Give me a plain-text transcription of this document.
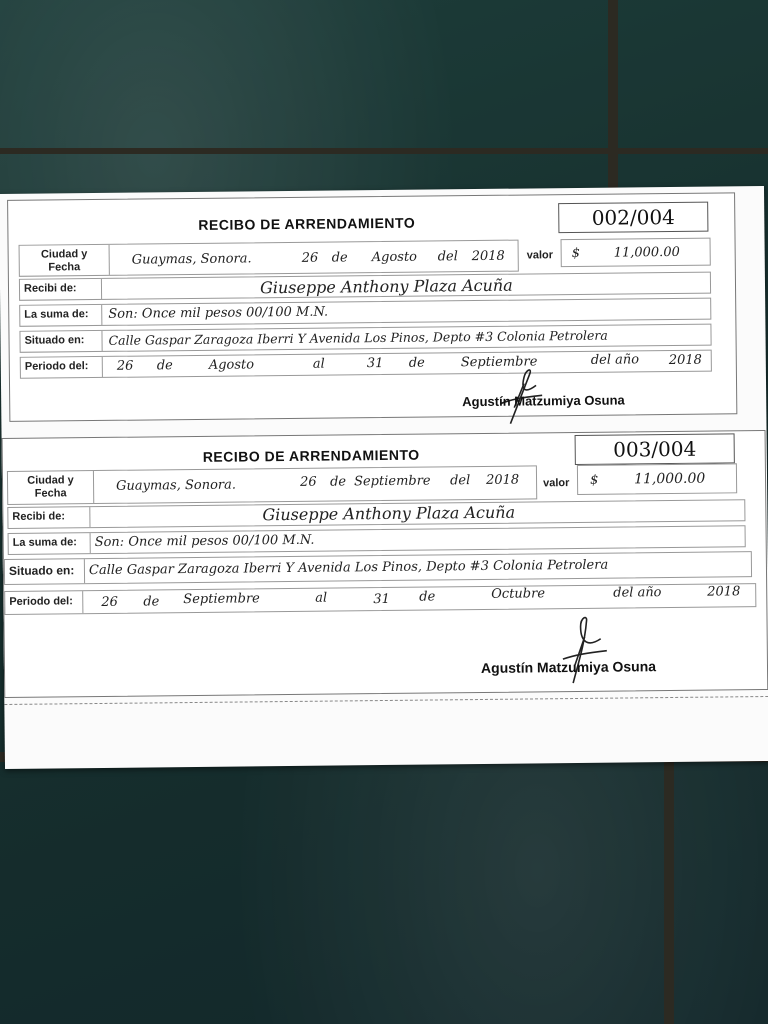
RECIBO DE ARRENDAMIENTO	002/004
Ciudad y Fecha	Guaymas, Sonora.	26 de Agosto del 2018 valor $	11,000.00
Recibi de:	Giuseppe Anthony Plaza Acuña
La suma de:	Son: Once mil pesos 00/100 M.N.
Situado en:	Calle Gaspar Zaragoza Iberri Y Avenida Los Pinos, Depto #3 Colonia Petrolera
Periodo del:	26 de	Agosto	al	31 de	Septiembre	del año 2018
Agustín Matzumiya Osuna
RECIBO DE ARRENDAMIENTO	003/004
Ciudad y Fecha	Guaymas, Sonora.	26 de Septiembre del 2018 valor $	11,000.00
Recibi de:	Giuseppe Anthony Plaza Acuña
La suma de:	Son: Once mil pesos 00/100 M.N.
Situado en:	Calle Gaspar Zaragoza Iberri Y Avenida Los Pinos, Depto #3 Colonia Petrolera
Periodo del:	26 de Septiembre	al	31 de	Octubre	del año	2018
Agustín Matzumiya Osuna
